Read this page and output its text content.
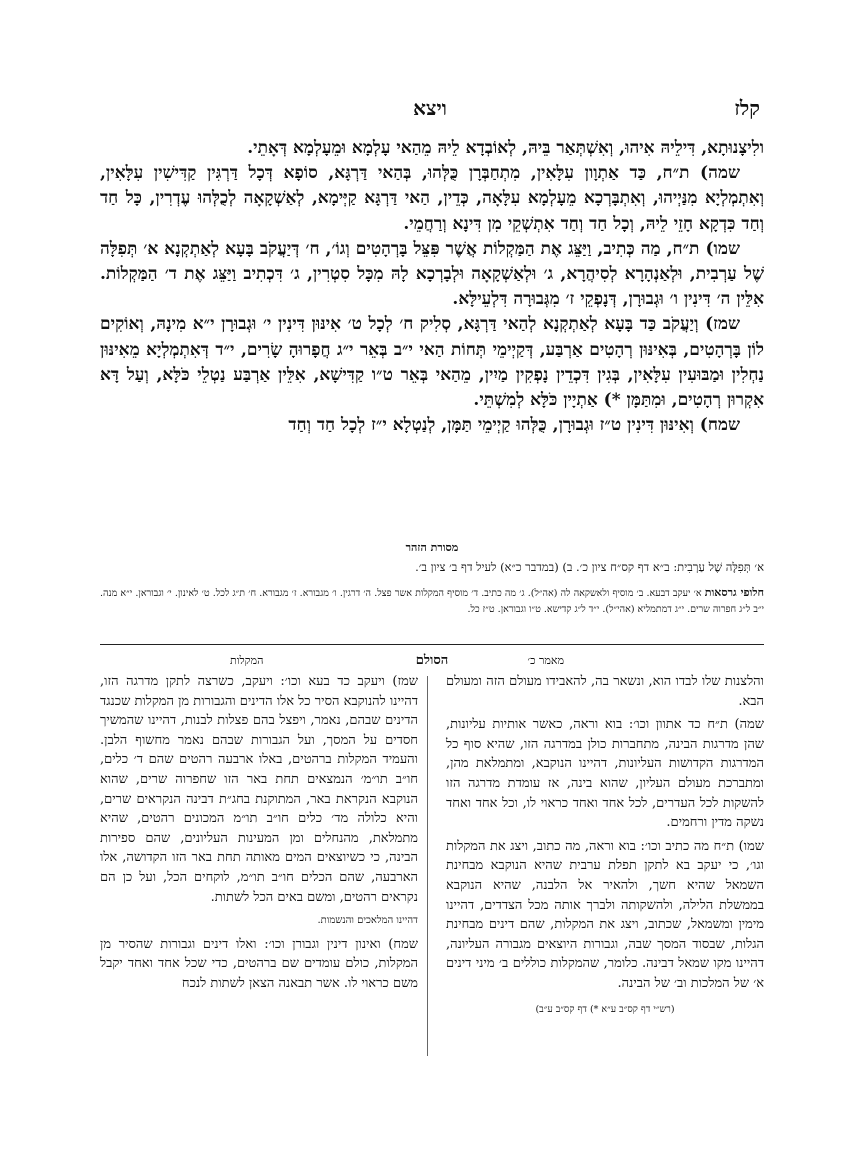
קלז
ויצא

ולִיצָנוּתָא, דִּילֵיהּ אִיהוּ, וְאִשְׁתְּאַר בֵּיהּ, לְאוֹבְדָא לֵיהּ מֵהַאי עָלְמָא וּמֵעָלְמָא דְּאָתֵי.

שמה) ת״ח, כַּד אַתְוָון עִלָּאִין, מִתְחַבְּרָן כֻּלְּהוּ, בְּהַאי דַּרְגָּא, סוֹפָא דְּכָל דַּרְגִּין קַדִּישִׁין עִלָּאִין, וְאִתְמְלְיָא מִנַּיְיהוּ, וְאִתְבָּרְכָא מֵעָלְמָא עִלָּאָה, כְּדֵין, הַאי דַּרְגָּא קַיְּימָא, לְאַשְׁקָאָה לְכֻלְּהוּ עֶדְרִין, כָּל חַד וְחַד כִּדְקָא חָזֵי לֵיהּ, וְכָל חַד וְחַד אִתְשְׁקֵי מִן דִּינָא וְרַחֲמֵי.

שמו) ת״ח, מַה כְּתִיב, וַיַּצֵּג אֶת הַמַּקְלוֹת אֲשֶׁר פִּצֵּל בָּרְהָטִים וְגוֹ׳, ח׳ דְּיַעֲקֹב בָּעָא לְאַתְקְנָא א׳ תְּפִלָּה שֶׁל עַרְבִית, וּלְאַנְהָרָא לְסִיהֲרָא, ג׳ וּלְאַשְׁקָאָה וּלְבָרְכָא לָהּ מִכָּל סִטְרִין, ג׳ דִּכְתִיב וַיַּצֵּג אֶת ד׳ הַמַּקְלוֹת. אִלֵּין ה׳ דִּינִין ו׳ וּגְבוּרָן, דְּנָפְקֵי ז׳ מִגְּבוּרָה דִּלְעֵילָּא.

שמז) וְיַעֲקֹב כַּד בָּעָא לְאַתְקְנָא לְהַאי דַּרְגָּא, סְלִיק ח׳ לְכָל ט׳ אִינּוּן דִּינִין י׳ וּגְבוּרָן י״א מִינָהּ, וְאוֹקִים לוֹן בָּרְהָטִים, בְּאִינּוּן רְהָטִים אַרְבַּע, דְּקַיְימֵי תְּחוֹת הַאי י״ב בְּאֵר י״ג חֲפָרוּהָ שָׂרִים, י״ד דְּאִתְמְלְיָא מֵאִינּוּן נַחְלִין וּמַבּוּעִין עִלָּאִין, בְּגִין דִּכְדֵין נָפְקִין מַיִין, מֵהַאי בְּאֵר ט״ו קַדִּישָׁא, אִלֵּין אַרְבַּע נַטְלֵי כֹּלָּא, וְעַל דָּא אִקְרוּן רְהָטִים, וּמִתַּמָּן *) אַתְיָין כֹּלָּא לְמִשְׁתֵּי.

שמח) וְאִינּוּן דִּינִין ט״ז וּגְבוּרָן, כֻּלְּהוּ קַיְימֵי תַּמָּן, לְנַטְלָא י״ז לְכָל חַד וְחַד

מסורת הזהר
א׳ תְּפִלָּה שֶׁל עַרְבִית: ב״א דף קס״ח ציון כ׳. ב) (במדבר כ״א) לעיל דף ב׳ ציון ב׳.
חלופי גרסאות א׳ יעקב דבעא. ב׳ מוסיף ולאשקאה לה (אה״ל). ג׳ מה כתיב. ד׳ מוסיף המקלות אשר פצל. ה׳ דרגין. ו׳ מגבורא. ז׳ מגבורא. ח׳ ת״ג לכל. ט׳ לאינון. י׳ וגבוראן. י״א מנה. י״ב ל״ג חפרוה שרים. י״ג דמתמליא (אהי״ל). י״ד ל״ג קדישא. ט״ו וגבוראן. ט״ז כל.
מאמר כ׳
הסולם
המקלות

והלצנות שלו לבדו הוא, ונשאר בה, להאבידו מעולם הזה ומעולם הבא.

שמה) ת״ח כד אתוון וכו׳: בוא וראה, כאשר אותיות עליונות, שהן מדרגות הבינה, מתחברות כולן במדרגה הזו, שהיא סוף כל המדרגות הקדושות העליונות, דהיינו הנוקבא, ומתמלאת מהן, ומתברכת מעולם העליון, שהוא בינה, אז עומדת מדרגה הזו להשקות לכל העדרים, לכל אחד ואחד כראוי לו, וכל אחד ואחד נשקה מדין ורחמים.

שמו) ת״ח מה כתיב וכו׳: בוא וראה, מה כתוב, ויצג את המקלות וגו׳, כי יעקב בא לתקן תפלת ערבית שהיא הנוקבא מבחינת השמאל שהיא חשך, ולהאיר אל הלבנה, שהיא הנוקבא בממשלת הלילה, ולהשקותה ולברך אותה מכל הצדדים, דהיינו מימין ומשמאל, שכתוב, ויצג את המקלות, שהם דינים מבחינת הגלות, שבסוד המסך שבה, וגבורות היוצאים מגבורה העליונה, דהיינו מקו שמאל דבינה. כלומר, שהמקלות כוללים ב׳ מיני דינים א׳ של המלכות וב׳ של הבינה.

(רש״י דף קס״ב ע״א *) דף קס״ב ע״ב)

שמז) ויעקב כד בעא וכו׳: ויעקב, כשרצה לתקן מדרגה הזו, דהיינו להנוקבא הסיר כל אלו הדינים והגבורות מן המקלות שכנגד הדינים שבהם, נאמר, ויפצל בהם פצלות לבנות, דהיינו שהמשיך חסדים על המסך, ועל הגבורות שבהם נאמר מחשוף הלבן. והעמיד המקלות ברהטים, באלו ארבעה רהטים שהם ד׳ כלים, חו״ב תו״מ׳ הנמצאים תחת באר הזו שחפרוה שרים, שהוא הנוקבא הנקראת באר, המתוקנת בחג״ת דבינה הנקראים שרים, והיא כלולה מד׳ כלים חו״ב תו״מ המכונים רהטים, שהיא מתמלאת, מהנחלים ומן המעינות העליונים, שהם ספירות הבינה, כי כשיוצאים המים מאותה תחת באר הזו הקדושה, אלו הארבעה, שהם הכלים חו״ב תו״מ, לוקחים הכל, ועל כן הם נקראים רהטים, ומשם באים הכל לשתות.

דהיינו המלאכים והנשמות.

שמח) ואינון דינין וגבורן וכו׳: ואלו דינים וגבורות שהסיר מן המקלות, כולם עומדים שם ברהטים, כדי שכל אחד ואחד יקבל משם כראוי לו. אשר תבאנה הצאן לשתות לנכח
